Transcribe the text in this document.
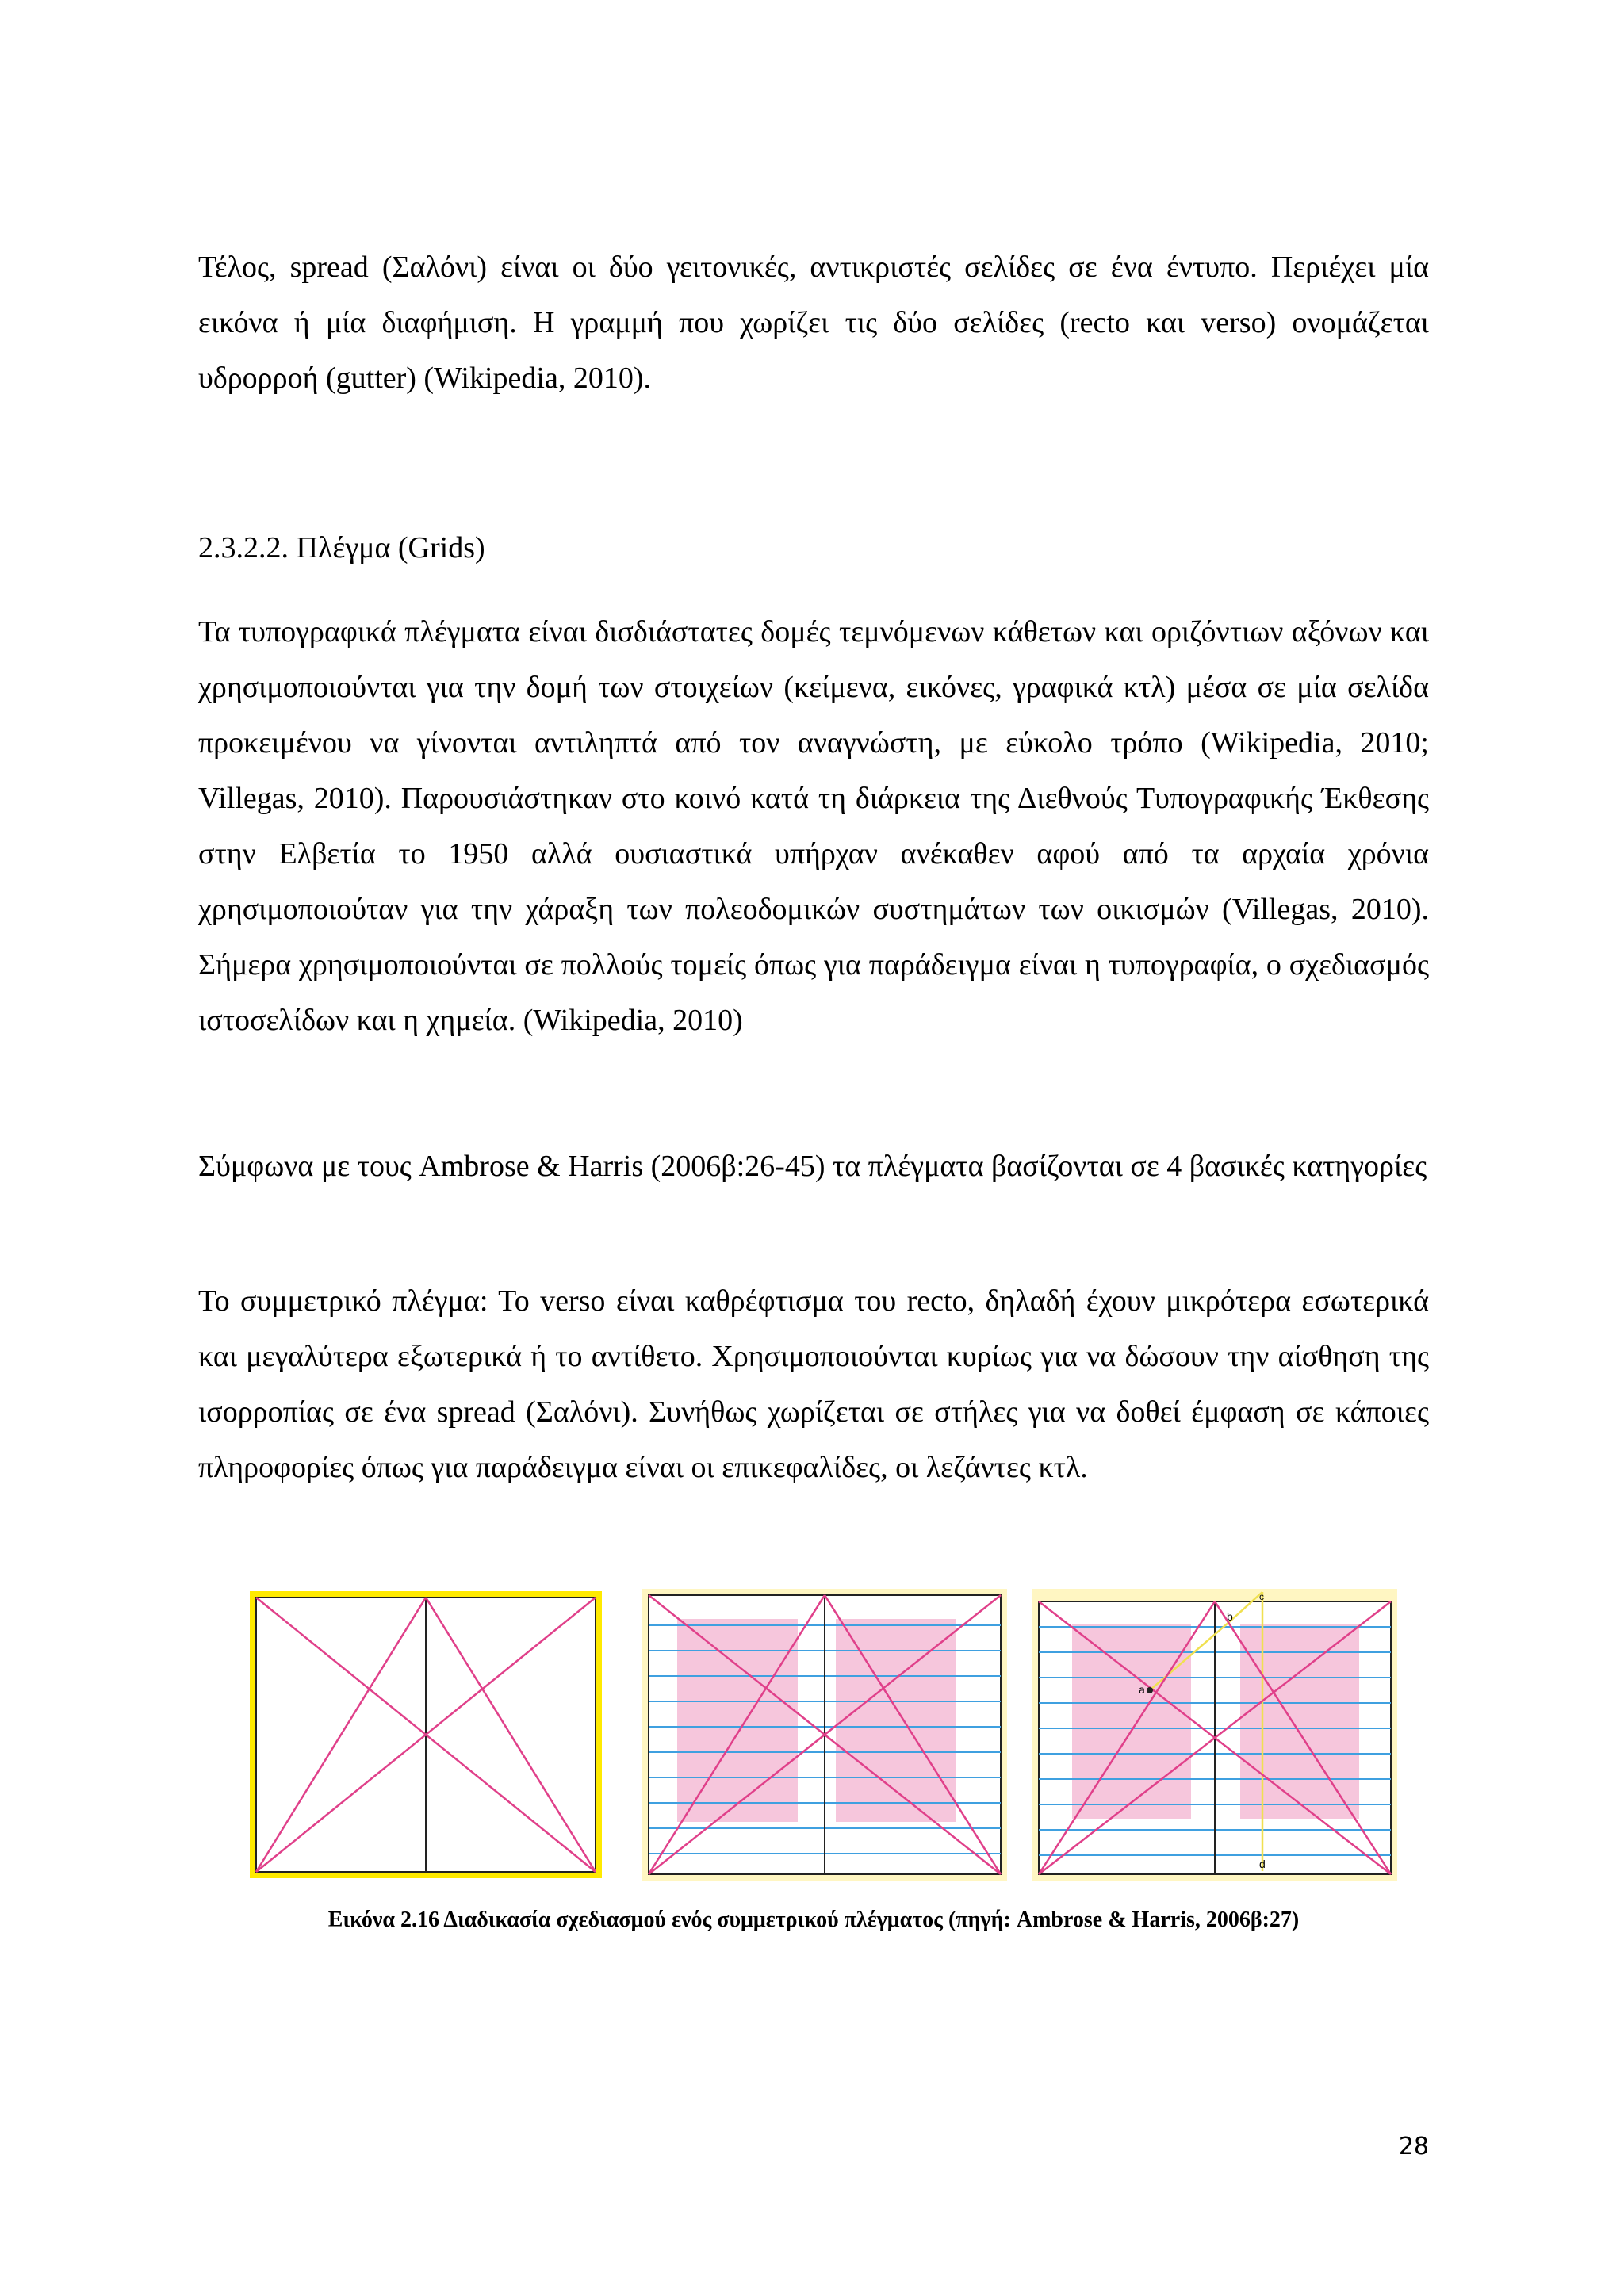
Τέλος, spread (Σαλόνι) είναι οι δύο γειτονικές, αντικριστές σελίδες σε ένα έντυπο. Περιέχει μία εικόνα ή μία διαφήμιση. Η γραμμή που χωρίζει τις δύο σελίδες (recto και verso) ονομάζεται υδρορροή (gutter) (Wikipedia, 2010).

2.3.2.2. Πλέγμα (Grids)

Τα τυπογραφικά πλέγματα είναι δισδιάστατες δομές τεμνόμενων κάθετων και οριζόντιων αξόνων και χρησιμοποιούνται για την δομή των στοιχείων (κείμενα, εικόνες, γραφικά κτλ) μέσα σε μία σελίδα προκειμένου να γίνονται αντιληπτά από τον αναγνώστη, με εύκολο τρόπο (Wikipedia, 2010; Villegas, 2010). Παρουσιάστηκαν στο κοινό κατά τη διάρκεια της Διεθνούς Τυπογραφικής Έκθεσης στην Ελβετία το 1950 αλλά ουσιαστικά υπήρχαν ανέκαθεν αφού από τα αρχαία χρόνια χρησιμοποιούταν για την χάραξη των πολεοδομικών συστημάτων των οικισμών (Villegas, 2010). Σήμερα χρησιμοποιούνται σε πολλούς τομείς όπως για παράδειγμα είναι η τυπογραφία, ο σχεδιασμός ιστοσελίδων και η χημεία. (Wikipedia, 2010)

Σύμφωνα με τους Ambrose & Harris (2006β:26-45) τα πλέγματα βασίζονται σε 4 βασικές κατηγορίες

Το συμμετρικό πλέγμα: Το verso είναι καθρέφτισμα του recto, δηλαδή έχουν μικρότερα εσωτερικά και μεγαλύτερα εξωτερικά ή το αντίθετο. Χρησιμοποιούνται κυρίως για να δώσουν την αίσθηση της ισορροπίας σε ένα spread (Σαλόνι). Συνήθως χωρίζεται σε στήλες για να δοθεί έμφαση σε κάποιες πληροφορίες όπως για παράδειγμα είναι οι επικεφαλίδες, οι λεζάντες κτλ.

a
b
c
d

Εικόνα 2.16 Διαδικασία σχεδιασμού ενός συμμετρικού πλέγματος (πηγή: Ambrose & Harris, 2006β:27)

28
